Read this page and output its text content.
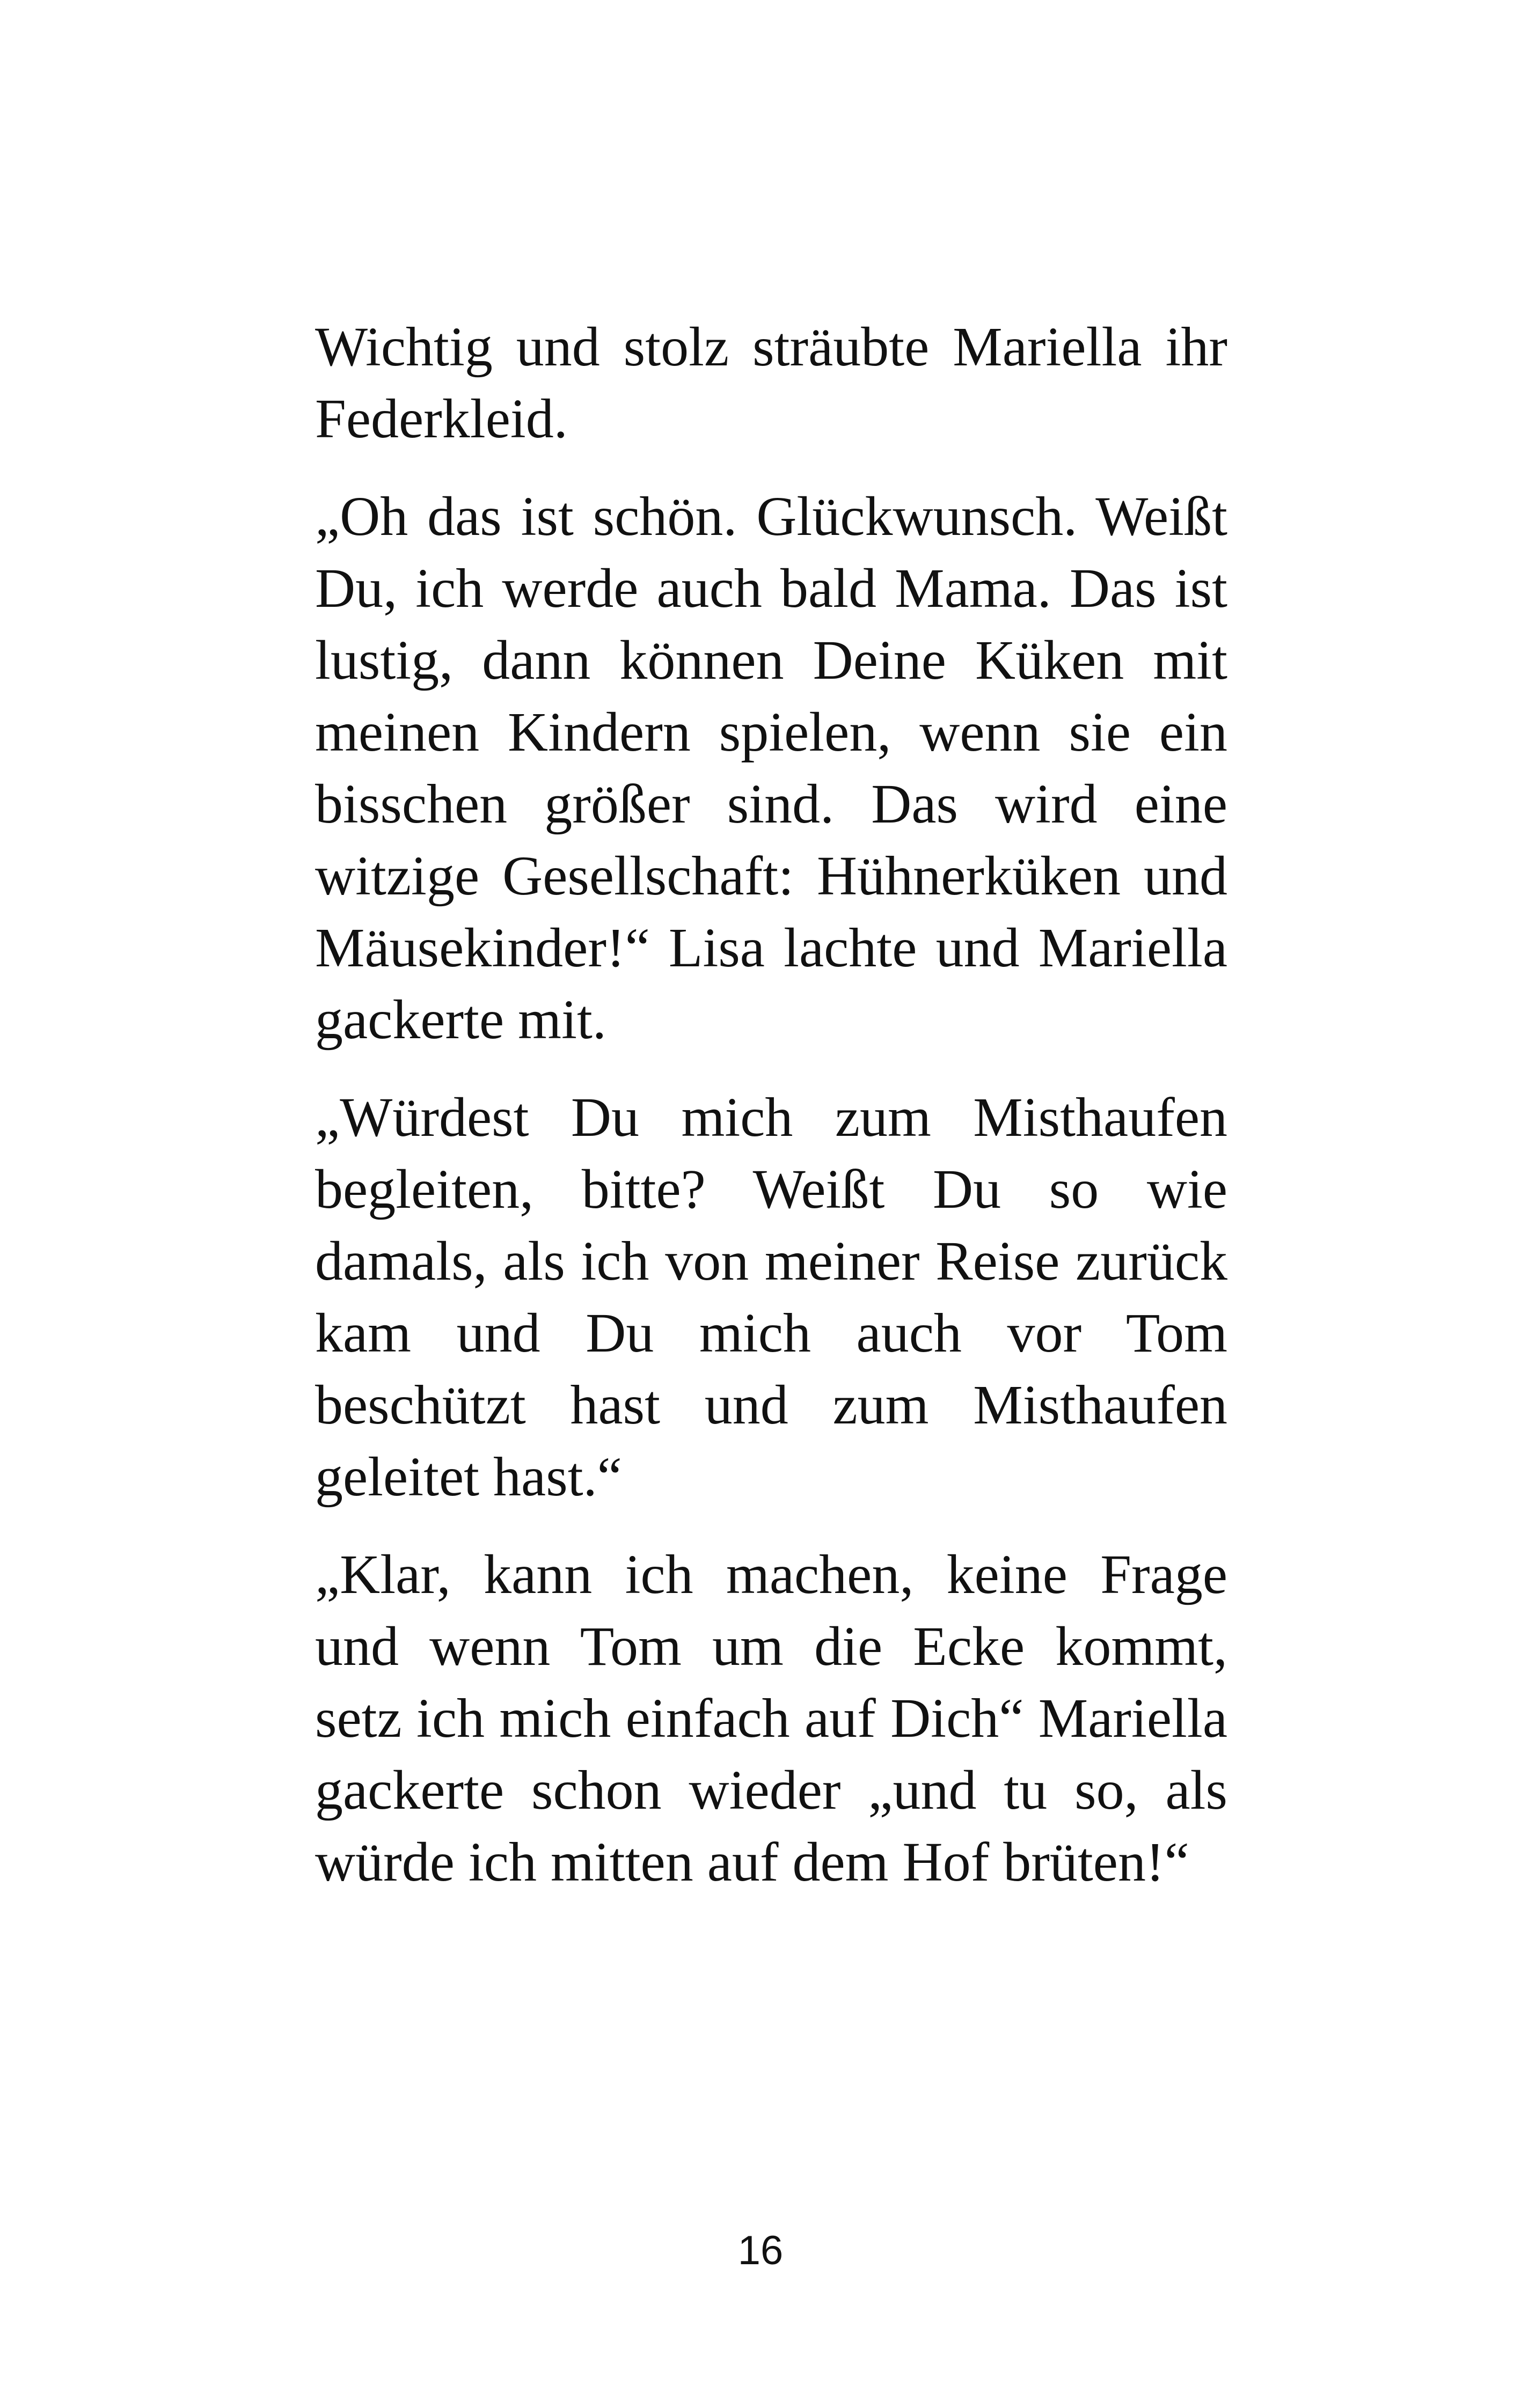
Wichtig und stolz sträubte Mariella ihr Federkleid.

„Oh das ist schön. Glückwunsch. Weißt Du, ich werde auch bald Mama. Das ist lustig, dann können Deine Küken mit meinen Kindern spielen, wenn sie ein bisschen größer sind. Das wird eine witzige Gesellschaft: Hühnerküken und Mäusekinder!“ Lisa lachte und Mariella gackerte mit.

„Würdest Du mich zum Misthaufen begleiten, bitte? Weißt Du so wie damals, als ich von meiner Reise zurück kam und Du mich auch vor Tom beschützt hast und zum Misthaufen geleitet hast.“

„Klar, kann ich machen, keine Frage und wenn Tom um die Ecke kommt, setz ich mich einfach auf Dich“ Mariella gackerte schon wieder „und tu so, als würde ich mitten auf dem Hof brüten!“

16
